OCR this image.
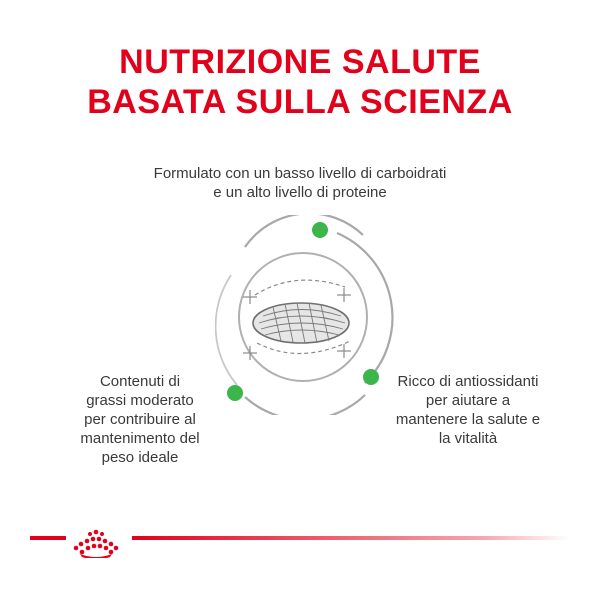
NUTRIZIONE SALUTE
BASATA SULLA SCIENZA
Formulato con un basso livello di carboidrati
e un alto livello di proteine
Contenuti di
grassi moderato
per contribuire al
mantenimento del
peso ideale
Ricco di antiossidanti
per aiutare a
mantenere la salute e
la vitalità
